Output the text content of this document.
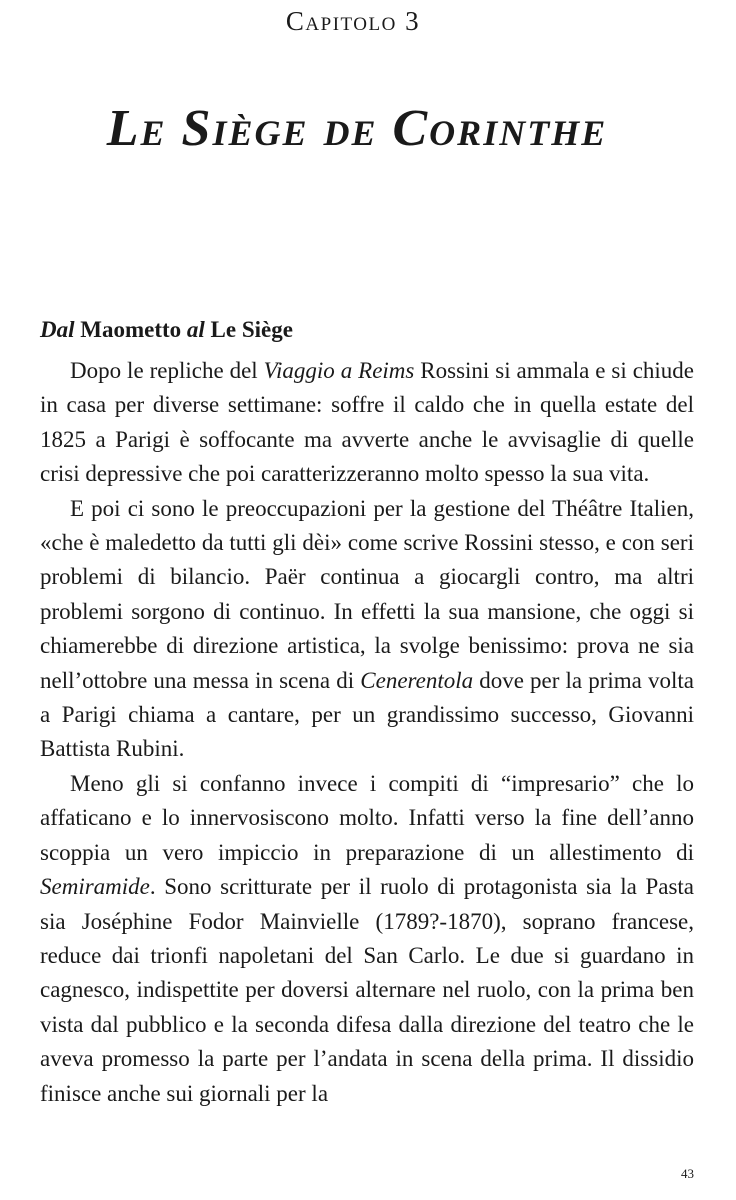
Capitolo 3
Le Siège de Corinthe
Dal Maometto al Le Siège

Dopo le repliche del Viaggio a Reims Rossini si ammala e si chiude in casa per diverse settimane: soffre il caldo che in quella estate del 1825 a Parigi è soffocante ma avverte anche le avvisaglie di quelle crisi depressive che poi caratterizzeranno molto spesso la sua vita.

E poi ci sono le preoccupazioni per la gestione del Théâtre Italien, «che è maledetto da tutti gli dèi» come scrive Rossini stesso, e con seri problemi di bilancio. Paër continua a giocargli contro, ma altri problemi sorgono di continuo. In effetti la sua mansione, che oggi si chiamerebbe di direzione artistica, la svolge benissimo: prova ne sia nell’ottobre una messa in scena di Cenerentola dove per la prima volta a Parigi chiama a cantare, per un grandissimo successo, Giovanni Battista Rubini.

Meno gli si confanno invece i compiti di “impresario” che lo affaticano e lo innervosiscono molto. Infatti verso la fine dell’anno scoppia un vero impiccio in preparazione di un allestimento di Semiramide. Sono scritturate per il ruolo di protagonista sia la Pasta sia Joséphine Fodor Mainvielle (1789?-1870), soprano francese, reduce dai trionfi napoletani del San Carlo. Le due si guardano in cagnesco, indispettite per doversi alternare nel ruolo, con la prima ben vista dal pubblico e la seconda difesa dalla direzione del teatro che le aveva promesso la parte per l’andata in scena della prima. Il dissidio finisce anche sui giornali per la

43
